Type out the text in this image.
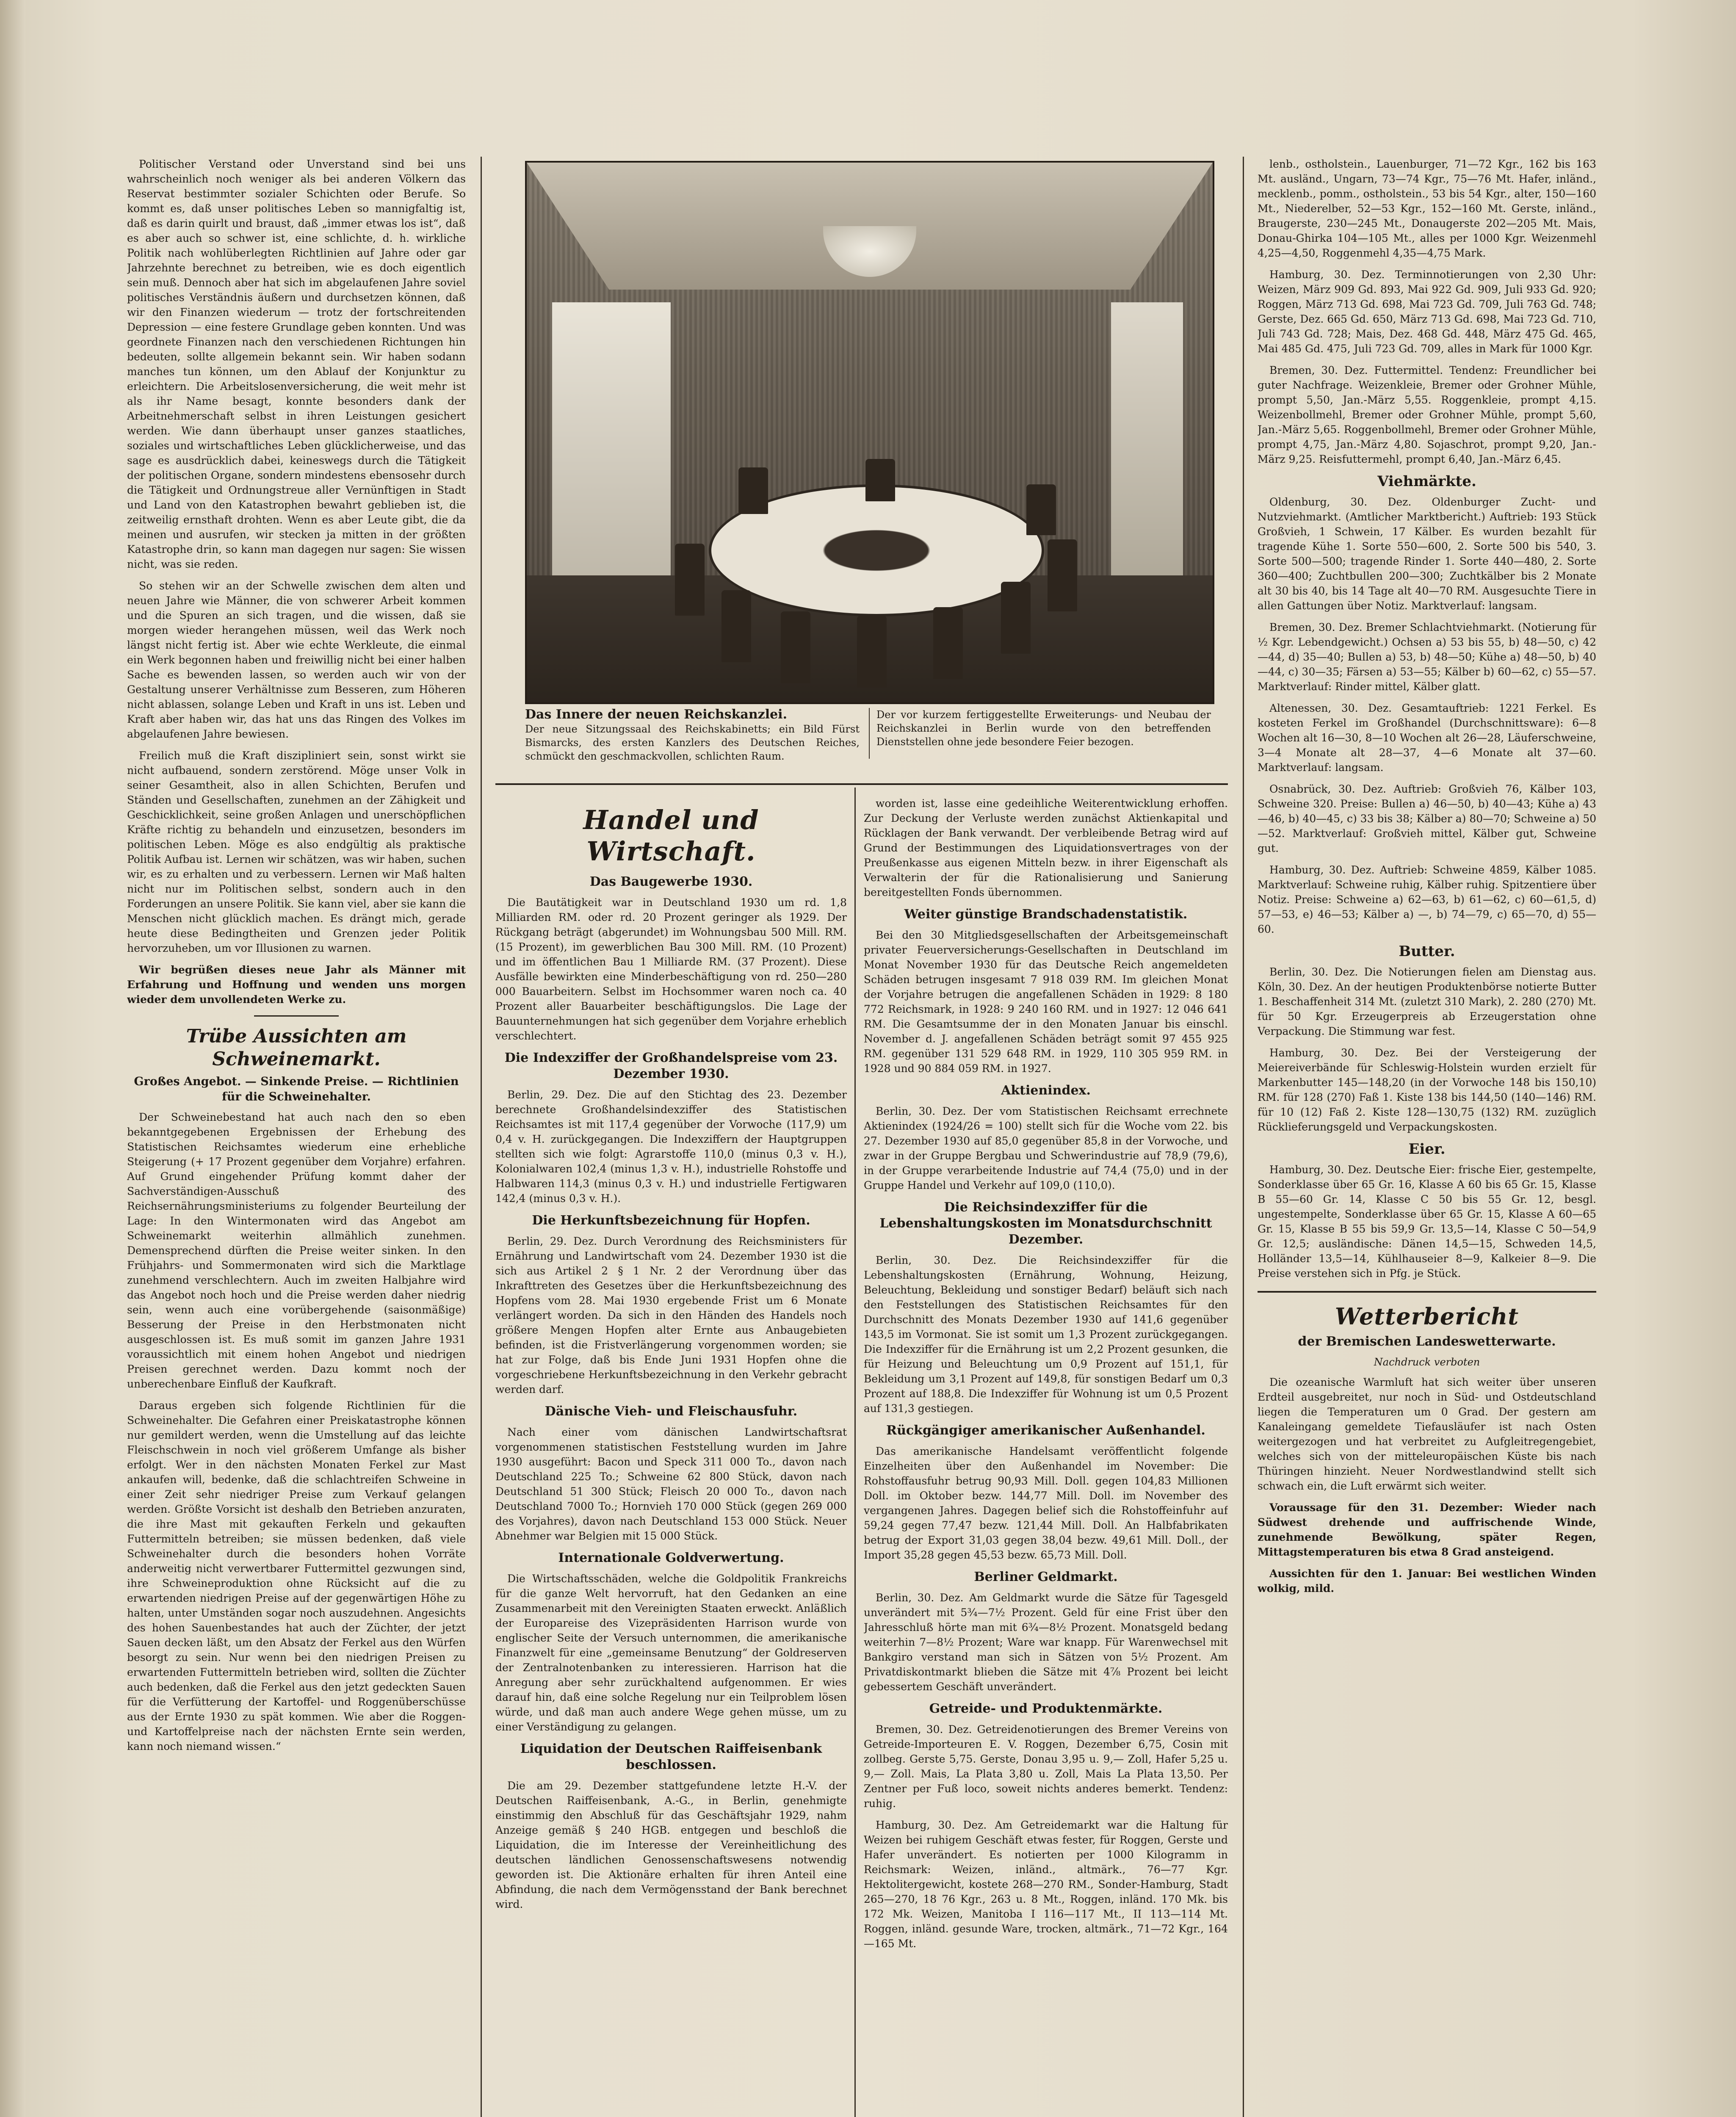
Politischer Verstand oder Unverstand sind bei uns wahrscheinlich noch weniger als bei anderen Völkern das Reservat bestimmter sozialer Schichten oder Berufe. So kommt es, daß unser politisches Leben so mannigfaltig ist, daß es darin quirlt und braust, daß „immer etwas los ist“, daß es aber auch so schwer ist, eine schlichte, d. h. wirkliche Politik nach wohlüberlegten Richtlinien auf Jahre oder gar Jahrzehnte berechnet zu betreiben, wie es doch eigentlich sein muß. Dennoch aber hat sich im abgelaufenen Jahre soviel politisches Verständnis äußern und durchsetzen können, daß wir den Finanzen wiederum — trotz der fortschreitenden Depression — eine festere Grundlage geben konnten. Und was geordnete Finanzen nach den verschiedenen Richtungen hin bedeuten, sollte allgemein bekannt sein. Wir haben sodann manches tun können, um den Ablauf der Konjunktur zu erleichtern. Die Arbeitslosenversicherung, die weit mehr ist als ihr Name besagt, konnte besonders dank der Arbeitnehmerschaft selbst in ihren Leistungen gesichert werden. Wie dann überhaupt unser ganzes staatliches, soziales und wirtschaftliches Leben glücklicherweise, und das sage es ausdrücklich dabei, keineswegs durch die Tätigkeit der politischen Organe, sondern mindestens ebensosehr durch die Tätigkeit und Ordnungstreue aller Vernünftigen in Stadt und Land von den Katastrophen bewahrt geblieben ist, die zeitweilig ernsthaft drohten. Wenn es aber Leute gibt, die da meinen und ausrufen, wir stecken ja mitten in der größten Katastrophe drin, so kann man dagegen nur sagen: Sie wissen nicht, was sie reden.

So stehen wir an der Schwelle zwischen dem alten und neuen Jahre wie Männer, die von schwerer Arbeit kommen und die Spuren an sich tragen, und die wissen, daß sie morgen wieder herangehen müssen, weil das Werk noch längst nicht fertig ist. Aber wie echte Werkleute, die einmal ein Werk begonnen haben und freiwillig nicht bei einer halben Sache es bewenden lassen, so werden auch wir von der Gestaltung unserer Verhältnisse zum Besseren, zum Höheren nicht ablassen, solange Leben und Kraft in uns ist. Leben und Kraft aber haben wir, das hat uns das Ringen des Volkes im abgelaufenen Jahre bewiesen.

Freilich muß die Kraft diszipliniert sein, sonst wirkt sie nicht aufbauend, sondern zerstörend. Möge unser Volk in seiner Gesamtheit, also in allen Schichten, Berufen und Ständen und Gesellschaften, zunehmen an der Zähigkeit und Geschicklichkeit, seine großen Anlagen und unerschöpflichen Kräfte richtig zu behandeln und einzusetzen, besonders im politischen Leben. Möge es also endgültig als praktische Politik Aufbau ist. Lernen wir schätzen, was wir haben, suchen wir, es zu erhalten und zu verbessern. Lernen wir Maß halten nicht nur im Politischen selbst, sondern auch in den Forderungen an unsere Politik. Sie kann viel, aber sie kann die Menschen nicht glücklich machen. Es drängt mich, gerade heute diese Bedingtheiten und Grenzen jeder Politik hervorzuheben, um vor Illusionen zu warnen.

Wir begrüßen dieses neue Jahr als Männer mit Erfahrung und Hoffnung und wenden uns morgen wieder dem unvollendeten Werke zu.

Trübe Aussichten am Schweinemarkt.
Großes Angebot. — Sinkende Preise. — Richtlinien für die Schweinehalter.

Der Schweinebestand hat auch nach den so eben bekanntgegebenen Ergebnissen der Erhebung des Statistischen Reichsamtes wiederum eine erhebliche Steigerung (+ 17 Prozent gegenüber dem Vorjahre) erfahren. Auf Grund eingehender Prüfung kommt daher der Sachverständigen-Ausschuß des Reichsernährungsministeriums zu folgender Beurteilung der Lage: In den Wintermonaten wird das Angebot am Schweinemarkt weiterhin allmählich zunehmen. Demensprechend dürften die Preise weiter sinken. In den Frühjahrs- und Sommermonaten wird sich die Marktlage zunehmend verschlechtern. Auch im zweiten Halbjahre wird das Angebot noch hoch und die Preise werden daher niedrig sein, wenn auch eine vorübergehende (saisonmäßige) Besserung der Preise in den Herbstmonaten nicht ausgeschlossen ist. Es muß somit im ganzen Jahre 1931 voraussichtlich mit einem hohen Angebot und niedrigen Preisen gerechnet werden. Dazu kommt noch der unberechenbare Einfluß der Kaufkraft.

Daraus ergeben sich folgende Richtlinien für die Schweinehalter. Die Gefahren einer Preiskatastrophe können nur gemildert werden, wenn die Umstellung auf das leichte Fleischschwein in noch viel größerem Umfange als bisher erfolgt. Wer in den nächsten Monaten Ferkel zur Mast ankaufen will, bedenke, daß die schlachtreifen Schweine in einer Zeit sehr niedriger Preise zum Verkauf gelangen werden. Größte Vorsicht ist deshalb den Betrieben anzuraten, die ihre Mast mit gekauften Ferkeln und gekauften Futtermitteln betreiben; sie müssen bedenken, daß viele Schweinehalter durch die besonders hohen Vorräte anderweitig nicht verwertbarer Futtermittel gezwungen sind, ihre Schweineproduktion ohne Rücksicht auf die zu erwartenden niedrigen Preise auf der gegenwärtigen Höhe zu halten, unter Umständen sogar noch auszudehnen. Angesichts des hohen Sauenbestandes hat auch der Züchter, der jetzt Sauen decken läßt, um den Absatz der Ferkel aus den Würfen besorgt zu sein. Nur wenn bei den niedrigen Preisen zu erwartenden Futtermitteln betrieben wird, sollten die Züchter auch bedenken, daß die Ferkel aus den jetzt gedeckten Sauen für die Verfütterung der Kartoffel- und Roggenüberschüsse aus der Ernte 1930 zu spät kommen. Wie aber die Roggen- und Kartoffelpreise nach der nächsten Ernte sein werden, kann noch niemand wissen.“

Das Innere der neuen Reichskanzlei.
Der neue Sitzungssaal des Reichskabinetts; ein Bild Fürst Bismarcks, des ersten Kanzlers des Deutschen Reiches, schmückt den geschmackvollen, schlichten Raum.
Der vor kurzem fertiggestellte Erweiterungs- und Neubau der Reichskanzlei in Berlin wurde von den betreffenden Dienststellen ohne jede besondere Feier bezogen.
Handel und Wirtschaft.
Das Baugewerbe 1930.

Die Bautätigkeit war in Deutschland 1930 um rd. 1,8 Milliarden RM. oder rd. 20 Prozent geringer als 1929. Der Rückgang beträgt (abgerundet) im Wohnungsbau 500 Mill. RM. (15 Prozent), im gewerblichen Bau 300 Mill. RM. (10 Prozent) und im öffentlichen Bau 1 Milliarde RM. (37 Prozent). Diese Ausfälle bewirkten eine Minderbeschäftigung von rd. 250—280 000 Bauarbeitern. Selbst im Hochsommer waren noch ca. 40 Prozent aller Bauarbeiter beschäftigungslos. Die Lage der Bauunternehmungen hat sich gegenüber dem Vorjahre erheblich verschlechtert.

Die Indexziffer der Großhandelspreise vom 23. Dezember 1930.

Berlin, 29. Dez. Die auf den Stichtag des 23. Dezember berechnete Großhandelsindexziffer des Statistischen Reichsamtes ist mit 117,4 gegenüber der Vorwoche (117,9) um 0,4 v. H. zurückgegangen. Die Indexziffern der Hauptgruppen stellten sich wie folgt: Agrarstoffe 110,0 (minus 0,3 v. H.), Kolonialwaren 102,4 (minus 1,3 v. H.), industrielle Rohstoffe und Halbwaren 114,3 (minus 0,3 v. H.) und industrielle Fertigwaren 142,4 (minus 0,3 v. H.).

Die Herkunftsbezeichnung für Hopfen.

Berlin, 29. Dez. Durch Verordnung des Reichsministers für Ernährung und Landwirtschaft vom 24. Dezember 1930 ist die sich aus Artikel 2 § 1 Nr. 2 der Verordnung über das Inkrafttreten des Gesetzes über die Herkunftsbezeichnung des Hopfens vom 28. Mai 1930 ergebende Frist um 6 Monate verlängert worden. Da sich in den Händen des Handels noch größere Mengen Hopfen alter Ernte aus Anbaugebieten befinden, ist die Fristverlängerung vorgenommen worden; sie hat zur Folge, daß bis Ende Juni 1931 Hopfen ohne die vorgeschriebene Herkunftsbezeichnung in den Verkehr gebracht werden darf.

Dänische Vieh- und Fleischausfuhr.

Nach einer vom dänischen Landwirtschaftsrat vorgenommenen statistischen Feststellung wurden im Jahre 1930 ausgeführt: Bacon und Speck 311 000 To., davon nach Deutschland 225 To.; Schweine 62 800 Stück, davon nach Deutschland 51 300 Stück; Fleisch 20 000 To., davon nach Deutschland 7000 To.; Hornvieh 170 000 Stück (gegen 269 000 des Vorjahres), davon nach Deutschland 153 000 Stück. Neuer Abnehmer war Belgien mit 15 000 Stück.

Internationale Goldverwertung.

Die Wirtschaftsschäden, welche die Goldpolitik Frankreichs für die ganze Welt hervorruft, hat den Gedanken an eine Zusammenarbeit mit den Vereinigten Staaten erweckt. Anläßlich der Europareise des Vizepräsidenten Harrison wurde von englischer Seite der Versuch unternommen, die amerikanische Finanzwelt für eine „gemeinsame Benutzung“ der Goldreserven der Zentralnotenbanken zu interessieren. Harrison hat die Anregung aber sehr zurückhaltend aufgenommen. Er wies darauf hin, daß eine solche Regelung nur ein Teilproblem lösen würde, und daß man auch andere Wege gehen müsse, um zu einer Verständigung zu gelangen.

Liquidation der Deutschen Raiffeisenbank beschlossen.

Die am 29. Dezember stattgefundene letzte H.-V. der Deutschen Raiffeisenbank, A.-G., in Berlin, genehmigte einstimmig den Abschluß für das Geschäftsjahr 1929, nahm Anzeige gemäß § 240 HGB. entgegen und beschloß die Liquidation, die im Interesse der Vereinheitlichung des deutschen ländlichen Genossenschaftswesens notwendig geworden ist. Die Aktionäre erhalten für ihren Anteil eine Abfindung, die nach dem Vermögensstand der Bank berechnet wird.

worden ist, lasse eine gedeihliche Weiterentwicklung erhoffen. Zur Deckung der Verluste werden zunächst Aktienkapital und Rücklagen der Bank verwandt. Der verbleibende Betrag wird auf Grund der Bestimmungen des Liquidationsvertrages von der Preußenkasse aus eigenen Mitteln bezw. in ihrer Eigenschaft als Verwalterin der für die Rationalisierung und Sanierung bereitgestellten Fonds übernommen.

Weiter günstige Brandschadenstatistik.

Bei den 30 Mitgliedsgesellschaften der Arbeitsgemeinschaft privater Feuerversicherungs-Gesellschaften in Deutschland im Monat November 1930 für das Deutsche Reich angemeldeten Schäden betrugen insgesamt 7 918 039 RM. Im gleichen Monat der Vorjahre betrugen die angefallenen Schäden in 1929: 8 180 772 Reichsmark, in 1928: 9 240 160 RM. und in 1927: 12 046 641 RM. Die Gesamtsumme der in den Monaten Januar bis einschl. November d. J. angefallenen Schäden beträgt somit 97 455 925 RM. gegenüber 131 529 648 RM. in 1929, 110 305 959 RM. in 1928 und 90 884 059 RM. in 1927.

Aktienindex.

Berlin, 30. Dez. Der vom Statistischen Reichsamt errechnete Aktienindex (1924/26 = 100) stellt sich für die Woche vom 22. bis 27. Dezember 1930 auf 85,0 gegenüber 85,8 in der Vorwoche, und zwar in der Gruppe Bergbau und Schwerindustrie auf 78,9 (79,6), in der Gruppe verarbeitende Industrie auf 74,4 (75,0) und in der Gruppe Handel und Verkehr auf 109,0 (110,0).

Die Reichsindexziffer für die Lebenshaltungskosten im Monatsdurchschnitt Dezember.

Berlin, 30. Dez. Die Reichsindexziffer für die Lebenshaltungskosten (Ernährung, Wohnung, Heizung, Beleuchtung, Bekleidung und sonstiger Bedarf) beläuft sich nach den Feststellungen des Statistischen Reichsamtes für den Durchschnitt des Monats Dezember 1930 auf 141,6 gegenüber 143,5 im Vormonat. Sie ist somit um 1,3 Prozent zurückgegangen. Die Indexziffer für die Ernährung ist um 2,2 Prozent gesunken, die für Heizung und Beleuchtung um 0,9 Prozent auf 151,1, für Bekleidung um 3,1 Prozent auf 149,8, für sonstigen Bedarf um 0,3 Prozent auf 188,8. Die Indexziffer für Wohnung ist um 0,5 Prozent auf 131,3 gestiegen.

Rückgängiger amerikanischer Außenhandel.

Das amerikanische Handelsamt veröffentlicht folgende Einzelheiten über den Außenhandel im November: Die Rohstoffausfuhr betrug 90,93 Mill. Doll. gegen 104,83 Millionen Doll. im Oktober bezw. 144,77 Mill. Doll. im November des vergangenen Jahres. Dagegen belief sich die Rohstoffeinfuhr auf 59,24 gegen 77,47 bezw. 121,44 Mill. Doll. An Halbfabrikaten betrug der Export 31,03 gegen 38,04 bezw. 49,61 Mill. Doll., der Import 35,28 gegen 45,53 bezw. 65,73 Mill. Doll.

Berliner Geldmarkt.

Berlin, 30. Dez. Am Geldmarkt wurde die Sätze für Tagesgeld unverändert mit 5¾—7½ Prozent. Geld für eine Frist über den Jahresschluß hörte man mit 6¾—8½ Prozent. Monatsgeld bedang weiterhin 7—8½ Prozent; Ware war knapp. Für Warenwechsel mit Bankgiro verstand man sich in Sätzen von 5½ Prozent. Am Privatdiskontmarkt blieben die Sätze mit 4⅞ Prozent bei leicht gebessertem Geschäft unverändert.

Getreide- und Produktenmärkte.

Bremen, 30. Dez. Getreidenotierungen des Bremer Vereins von Getreide-Importeuren E. V. Roggen, Dezember 6,75, Cosin mit zollbeg. Gerste 5,75. Gerste, Donau 3,95 u. 9,— Zoll, Hafer 5,25 u. 9,— Zoll. Mais, La Plata 3,80 u. Zoll, Mais La Plata 13,50. Per Zentner per Fuß loco, soweit nichts anderes bemerkt. Tendenz: ruhig.

Hamburg, 30. Dez. Am Getreidemarkt war die Haltung für Weizen bei ruhigem Geschäft etwas fester, für Roggen, Gerste und Hafer unverändert. Es notierten per 1000 Kilogramm in Reichsmark: Weizen, inländ., altmärk., 76—77 Kgr. Hektolitergewicht, kostete 268—270 RM., Sonder-Hamburg, Stadt 265—270, 18 76 Kgr., 263 u. 8 Mt., Roggen, inländ. 170 Mk. bis 172 Mk. Weizen, Manitoba I 116—117 Mt., II 113—114 Mt. Roggen, inländ. gesunde Ware, trocken, altmärk., 71—72 Kgr., 164—165 Mt.

lenb., ostholstein., Lauenburger, 71—72 Kgr., 162 bis 163 Mt. ausländ., Ungarn, 73—74 Kgr., 75—76 Mt. Hafer, inländ., mecklenb., pomm., ostholstein., 53 bis 54 Kgr., alter, 150—160 Mt., Niederelber, 52—53 Kgr., 152—160 Mt. Gerste, inländ., Braugerste, 230—245 Mt., Donaugerste 202—205 Mt. Mais, Donau-Ghirka 104—105 Mt., alles per 1000 Kgr. Weizenmehl 4,25—4,50, Roggenmehl 4,35—4,75 Mark.

Hamburg, 30. Dez. Terminnotierungen von 2,30 Uhr: Weizen, März 909 Gd. 893, Mai 922 Gd. 909, Juli 933 Gd. 920; Roggen, März 713 Gd. 698, Mai 723 Gd. 709, Juli 763 Gd. 748; Gerste, Dez. 665 Gd. 650, März 713 Gd. 698, Mai 723 Gd. 710, Juli 743 Gd. 728; Mais, Dez. 468 Gd. 448, März 475 Gd. 465, Mai 485 Gd. 475, Juli 723 Gd. 709, alles in Mark für 1000 Kgr.

Bremen, 30. Dez. Futtermittel. Tendenz: Freundlicher bei guter Nachfrage. Weizenkleie, Bremer oder Grohner Mühle, prompt 5,50, Jan.-März 5,55. Roggenkleie, prompt 4,15. Weizenbollmehl, Bremer oder Grohner Mühle, prompt 5,60, Jan.-März 5,65. Roggenbollmehl, Bremer oder Grohner Mühle, prompt 4,75, Jan.-März 4,80. Sojaschrot, prompt 9,20, Jan.-März 9,25. Reisfuttermehl, prompt 6,40, Jan.-März 6,45.

Viehmärkte.

Oldenburg, 30. Dez. Oldenburger Zucht- und Nutzviehmarkt. (Amtlicher Marktbericht.) Auftrieb: 193 Stück Großvieh, 1 Schwein, 17 Kälber. Es wurden bezahlt für tragende Kühe 1. Sorte 550—600, 2. Sorte 500 bis 540, 3. Sorte 500—500; tragende Rinder 1. Sorte 440—480, 2. Sorte 360—400; Zuchtbullen 200—300; Zuchtkälber bis 2 Monate alt 30 bis 40, bis 14 Tage alt 40—70 RM. Ausgesuchte Tiere in allen Gattungen über Notiz. Marktverlauf: langsam.

Bremen, 30. Dez. Bremer Schlachtviehmarkt. (Notierung für ½ Kgr. Lebendgewicht.) Ochsen a) 53 bis 55, b) 48—50, c) 42—44, d) 35—40; Bullen a) 53, b) 48—50; Kühe a) 48—50, b) 40—44, c) 30—35; Färsen a) 53—55; Kälber b) 60—62, c) 55—57. Marktverlauf: Rinder mittel, Kälber glatt.

Altenessen, 30. Dez. Gesamtauftrieb: 1221 Ferkel. Es kosteten Ferkel im Großhandel (Durchschnittsware): 6—8 Wochen alt 16—30, 8—10 Wochen alt 26—28, Läuferschweine, 3—4 Monate alt 28—37, 4—6 Monate alt 37—60. Marktverlauf: langsam.

Osnabrück, 30. Dez. Auftrieb: Großvieh 76, Kälber 103, Schweine 320. Preise: Bullen a) 46—50, b) 40—43; Kühe a) 43—46, b) 40—45, c) 33 bis 38; Kälber a) 80—70; Schweine a) 50—52. Marktverlauf: Großvieh mittel, Kälber gut, Schweine gut.

Hamburg, 30. Dez. Auftrieb: Schweine 4859, Kälber 1085. Marktverlauf: Schweine ruhig, Kälber ruhig. Spitzentiere über Notiz. Preise: Schweine a) 62—63, b) 61—62, c) 60—61,5, d) 57—53, e) 46—53; Kälber a) —, b) 74—79, c) 65—70, d) 55—60.

Butter.

Berlin, 30. Dez. Die Notierungen fielen am Dienstag aus. Köln, 30. Dez. An der heutigen Produktenbörse notierte Butter 1. Beschaffenheit 314 Mt. (zuletzt 310 Mark), 2. 280 (270) Mt. für 50 Kgr. Erzeugerpreis ab Erzeugerstation ohne Verpackung. Die Stimmung war fest.

Hamburg, 30. Dez. Bei der Versteigerung der Meiereiverbände für Schleswig-Holstein wurden erzielt für Markenbutter 145—148,20 (in der Vorwoche 148 bis 150,10) RM. für 128 (270) Faß 1. Kiste 138 bis 144,50 (140—146) RM. für 10 (12) Faß 2. Kiste 128—130,75 (132) RM. zuzüglich Rücklieferungsgeld und Verpackungskosten.

Eier.

Hamburg, 30. Dez. Deutsche Eier: frische Eier, gestempelte, Sonderklasse über 65 Gr. 16, Klasse A 60 bis 65 Gr. 15, Klasse B 55—60 Gr. 14, Klasse C 50 bis 55 Gr. 12, besgl. ungestempelte, Sonderklasse über 65 Gr. 15, Klasse A 60—65 Gr. 15, Klasse B 55 bis 59,9 Gr. 13,5—14, Klasse C 50—54,9 Gr. 12,5; ausländische: Dänen 14,5—15, Schweden 14,5, Holländer 13,5—14, Kühlhauseier 8—9, Kalkeier 8—9. Die Preise verstehen sich in Pfg. je Stück.

Wetterbericht
der Bremischen Landeswetterwarte.
Nachdruck verboten

Die ozeanische Warmluft hat sich weiter über unseren Erdteil ausgebreitet, nur noch in Süd- und Ostdeutschland liegen die Temperaturen um 0 Grad. Der gestern am Kanaleingang gemeldete Tiefausläufer ist nach Osten weitergezogen und hat verbreitet zu Aufgleitregengebiet, welches sich von der mitteleuropäischen Küste bis nach Thüringen hinzieht. Neuer Nordwestlandwind stellt sich schwach ein, die Luft erwärmt sich weiter.

Voraussage für den 31. Dezember: Wieder nach Südwest drehende und auffrischende Winde, zunehmende Bewölkung, später Regen, Mittagstemperaturen bis etwa 8 Grad ansteigend.

Aussichten für den 1. Januar: Bei westlichen Winden wolkig, mild.
